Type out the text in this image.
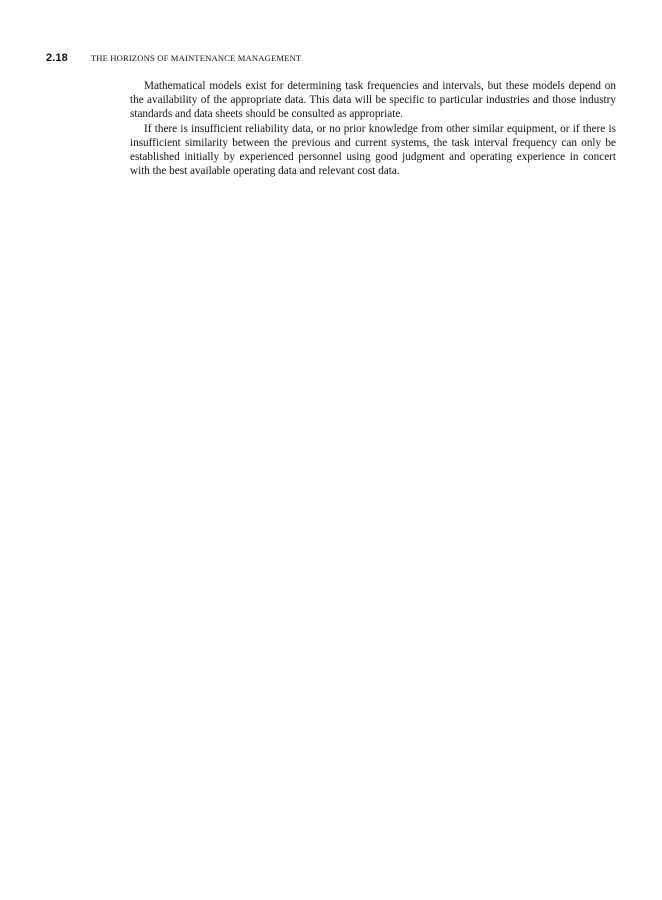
2.18	THE HORIZONS OF MAINTENANCE MANAGEMENT

Mathematical models exist for determining task frequencies and intervals, but these models depend on the availability of the appropriate data. This data will be specific to particular industries and those industry standards and data sheets should be consulted as appropriate.

If there is insufficient reliability data, or no prior knowledge from other similar equipment, or if there is insufficient similarity between the previous and current systems, the task interval frequency can only be established initially by experienced personnel using good judgment and operating experience in concert with the best available operating data and relevant cost data.
